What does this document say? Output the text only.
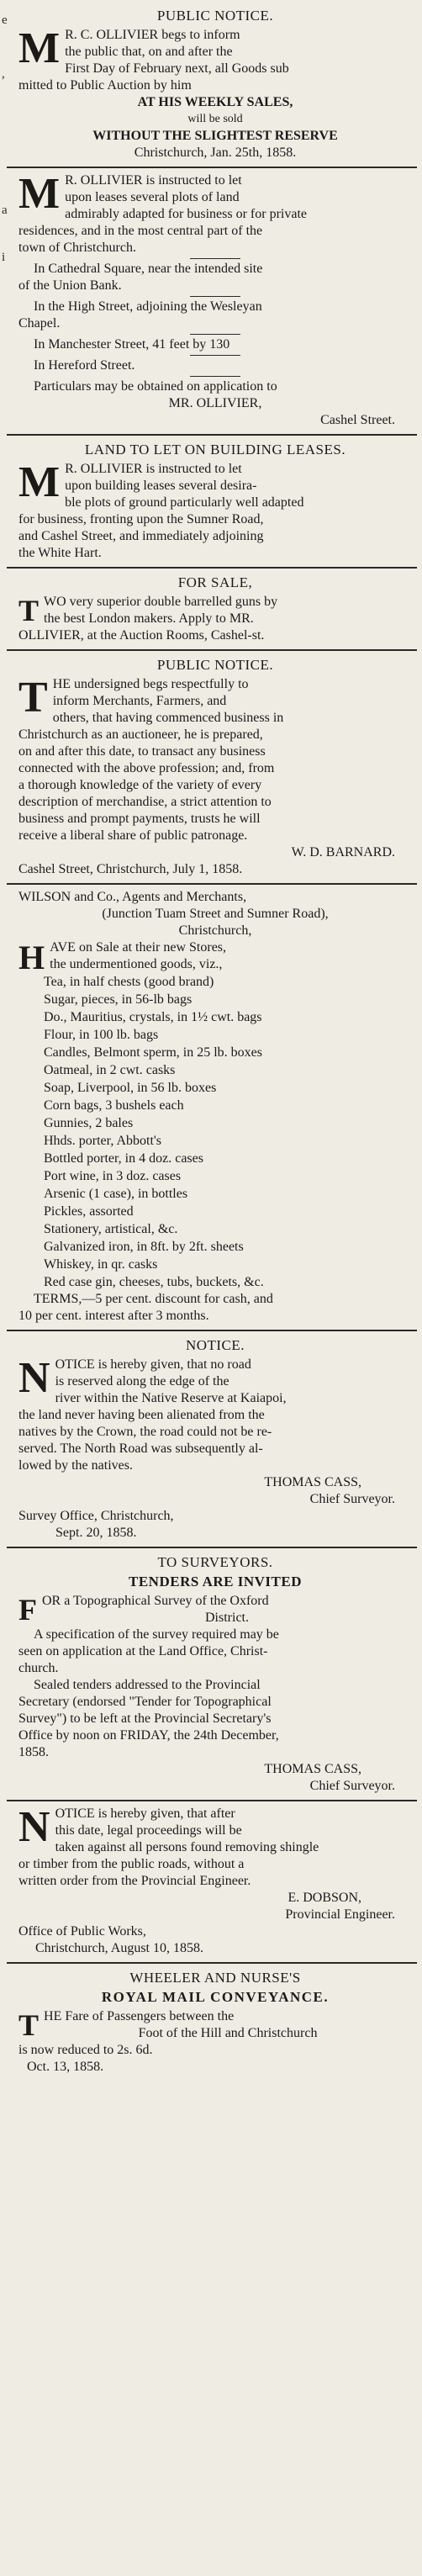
e
,
a
i
PUBLIC NOTICE.
M R. C. OLLIVIER begs to inform
the public that, on and after the
First Day of February next, all Goods sub
mitted to Public Auction by him
AT HIS WEEKLY SALES,
will be sold
WITHOUT THE SLIGHTEST RESERVE
Christchurch, Jan. 25th, 1858.
M R. OLLIVIER is instructed to let
upon leases several plots of land
admirably adapted for business or for private
residences, and in the most central part of the
town of Christchurch.
In Cathedral Square, near the intended site
of the Union Bank.
In the High Street, adjoining the Wesleyan
Chapel.
In Manchester Street, 41 feet by 130
In Hereford Street.
Particulars may be obtained on application to
MR. OLLIVIER,
Cashel Street.
LAND TO LET ON BUILDING LEASES.
M R. OLLIVIER is instructed to let
upon building leases several desira-
ble plots of ground particularly well adapted
for business, fronting upon the Sumner Road,
and Cashel Street, and immediately adjoining
the White Hart.
FOR SALE,
T WO very superior double barrelled guns by
the best London makers. Apply to MR.
OLLIVIER, at the Auction Rooms, Cashel-st.
PUBLIC NOTICE.
T HE undersigned begs respectfully to
inform Merchants, Farmers, and
others, that having commenced business in
Christchurch as an auctioneer, he is prepared,
on and after this date, to transact any business
connected with the above profession; and, from
a thorough knowledge of the variety of every
description of merchandise, a strict attention to
business and prompt payments, trusts he will
receive a liberal share of public patronage.
W. D. BARNARD.
Cashel Street, Christchurch, July 1, 1858.
WILSON and Co., Agents and Merchants,
(Junction Tuam Street and Sumner Road),
Christchurch,
H AVE on Sale at their new Stores,
the undermentioned goods, viz.,
Tea, in half chests (good brand)
Sugar, pieces, in 56-lb bags
Do., Mauritius, crystals, in 1½ cwt. bags
Flour, in 100 lb. bags
Candles, Belmont sperm, in 25 lb. boxes
Oatmeal, in 2 cwt. casks
Soap, Liverpool, in 56 lb. boxes
Corn bags, 3 bushels each
Gunnies, 2 bales
Hhds. porter, Abbott's
Bottled porter, in 4 doz. cases
Port wine, in 3 doz. cases
Arsenic (1 case), in bottles
Pickles, assorted
Stationery, artistical, &c.
Galvanized iron, in 8ft. by 2ft. sheets
Whiskey, in qr. casks
Red case gin, cheeses, tubs, buckets, &c.
TERMS,—5 per cent. discount for cash, and
10 per cent. interest after 3 months.
NOTICE.
N OTICE is hereby given, that no road
is reserved along the edge of the
river within the Native Reserve at Kaiapoi,
the land never having been alienated from the
natives by the Crown, the road could not be re-
served. The North Road was subsequently al-
lowed by the natives.
THOMAS CASS,
Chief Surveyor.
Survey Office, Christchurch,
Sept. 20, 1858.
TO SURVEYORS.
TENDERS ARE INVITED
F OR a Topographical Survey of the Oxford
District.
A specification of the survey required may be
seen on application at the Land Office, Christ-
church.
Sealed tenders addressed to the Provincial
Secretary (endorsed "Tender for Topographical
Survey") to be left at the Provincial Secretary's
Office by noon on FRIDAY, the 24th December,
1858.
THOMAS CASS,
Chief Surveyor.
N OTICE is hereby given, that after
this date, legal proceedings will be
taken against all persons found removing shingle
or timber from the public roads, without a
written order from the Provincial Engineer.
E. DOBSON,
Provincial Engineer.
Office of Public Works,
Christchurch, August 10, 1858.
WHEELER AND NURSE'S
ROYAL MAIL CONVEYANCE.
T HE Fare of Passengers between the
Foot of the Hill and Christchurch
is now reduced to 2s. 6d.
Oct. 13, 1858.
